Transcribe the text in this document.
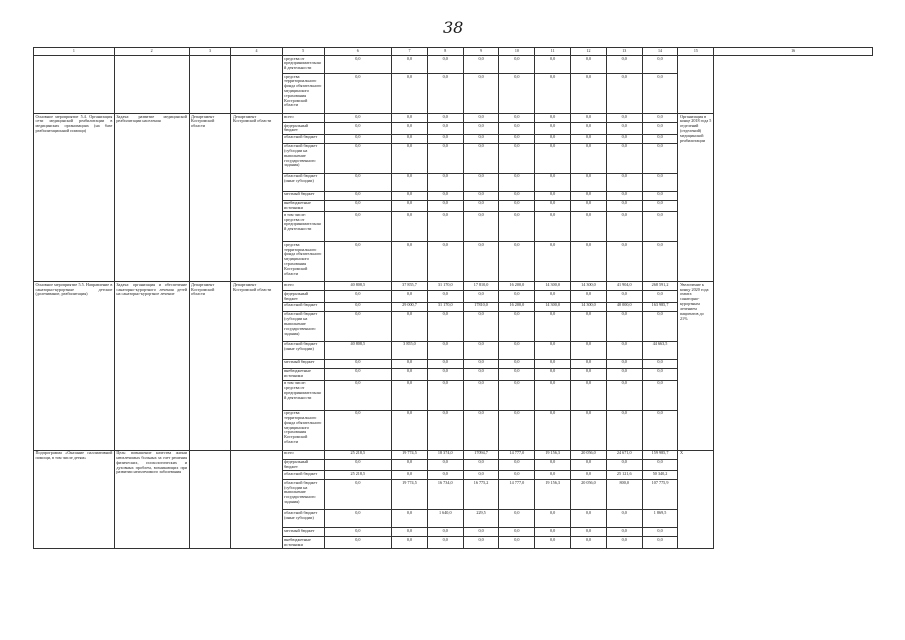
38
1	2	3	4	5	6	7	8	9	10	11	12	13	14	15	16
				средства от предпринимательской деятельности	0,0	0,0	0,0	0,0	0,0	0,0	0,0	0,0	0,0		
				средства территориального фонда обязательного медицинского страхования Костромской области	0,0	0,0	0,0	0,0	0,0	0,0	0,0	0,0	0,0		
Основное мероприятие 5.4. Организация сети медицинской реабилитации в медицинских организациях (на базе реабилитационной помощи)	Задача: развитие медицинской реабилитации населения	Департамент Костромской области	Департамент Костромской области	всего	0,0	0,0	0,0	0,0	0,0	0,0	0,0	0,0	0,0	Организация в конце 2018 года 5 отделений (отделений) медицинской реабилитации	
				федеральный бюджет	0,0	0,0	0,0	0,0	0,0	0,0	0,0	0,0	0,0		
				областной бюджет	0,0	0,0	0,0	0,0	0,0	0,0	0,0	0,0	0,0		
				областной бюджет (субсидии на выполнение государственного задания)	0,0	0,0	0,0	0,0	0,0	0,0	0,0	0,0	0,0		
				областной бюджет (иные субсидии)	0,0	0,0	0,0	0,0	0,0	0,0	0,0	0,0	0,0		
				местный бюджет	0,0	0,0	0,0	0,0	0,0	0,0	0,0	0,0	0,0		
				внебюджетные источники	0,0	0,0	0,0	0,0	0,0	0,0	0,0	0,0	0,0		
				в том числе: средства от предпринимательской деятельности	0,0	0,0	0,0	0,0	0,0	0,0	0,0	0,0	0,0		
				средства территориального фонда обязательного медицинского страхования Костромской области	0,0	0,0	0,0	0,0	0,0	0,0	0,0	0,0	0,0		
Основное мероприятие 5.5. Направление в санаторно-курортные детские (долечивание, реабилитация)	Задача: организация и обеспечение санаторно-курортного лечения детей на санаторно-курортное лечение	Департамент Костромской области	Департамент Костромской области	всего	40 808,5	37 855,7	31 170,0	17 810,0	16 200,0	14 300,0	14 300,0	41 904,0	268 591,2	Увеличение к концу 2020 года охвата санаторно-курортным лечением пациентов до 21%	
				федеральный бюджет	0,0	0,0	0,0	0,0	0,0	0,0	0,0	0,0	0,0		
				областной бюджет	0,0	29 000,7	31 170,0	17810,0	16 200,0	14 300,0	14 300,0	40 000,0	163 985,7		
				областной бюджет (субсидии на выполнение государственного задания)	0,0	0,0	0,0	0,0	0,0	0,0	0,0	0,0	0,0		
				областной бюджет (иные субсидии)	40 808,5	3 855,0	0,0	0,0	0,0	0,0	0,0	0,0	44 663,5		
				местный бюджет	0,0	0,0	0,0	0,0	0,0	0,0	0,0	0,0	0,0		
				внебюджетные источники	0,0	0,0	0,0	0,0	0,0	0,0	0,0	0,0	0,0		
				в том числе: средства от предпринимательской деятельности	0,0	0,0	0,0	0,0	0,0	0,0	0,0	0,0	0,0		
				средства территориального фонда обязательного медицинского страхования Костромской области	0,0	0,0	0,0	0,0	0,0	0,0	0,0	0,0	0,0		
Подпрограмма «Оказание паллиативной помощи, в том числе детям»	Цель: повышение качества жизни неизлечимых больных за счет решения физических, психологических и духовных проблем, возникающих при развитии неизлечимого заболевания			всего	25 218,5	19 774,5	18 374,0	17094,7	14 777,0	19 156,3	20 056,0	24 671,0	159 985,7	X	
				федеральный бюджет	0,0	0,0	0,0	0,0	0,0	0,0	0,0	0,0	0,0		
				областной бюджет	25 218,5	0,0	0,0	0,0	0,0	0,0	0,0	25 121,6	50 340,2		
				областной бюджет (субсидии на выполнение государственного задания)	0,0	19 774,5	16 734,0	16 775,2	14 777,0	19 156,3	20 056,0	800,0	107 775,9		
				областной бюджет (иные субсидии)	0,0	0,0	1 640,0	229,5	0,0	0,0	0,0	0,0	1 869,5		
				местный бюджет	0,0	0,0	0,0	0,0	0,0	0,0	0,0	0,0	0,0		
				внебюджетные источники	0,0	0,0	0,0	0,0	0,0	0,0	0,0	0,0	0,0		
